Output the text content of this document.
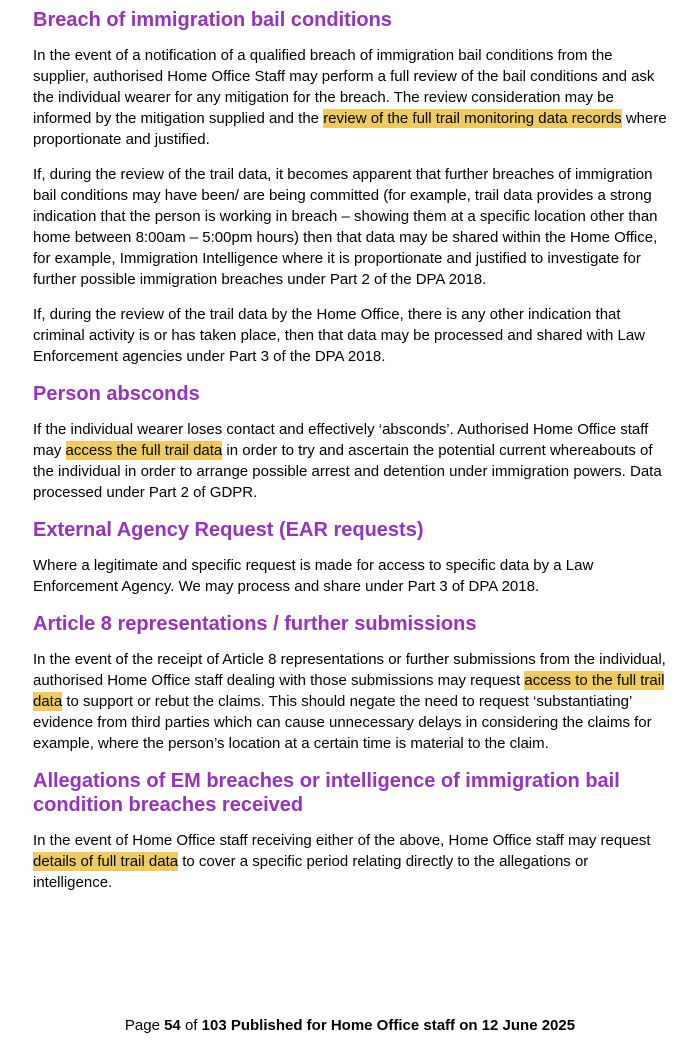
Breach of immigration bail conditions

In the event of a notification of a qualified breach of immigration bail conditions from the supplier, authorised Home Office Staff may perform a full review of the bail conditions and ask the individual wearer for any mitigation for the breach. The review consideration may be informed by the mitigation supplied and the review of the full trail monitoring data records where proportionate and justified.

If, during the review of the trail data, it becomes apparent that further breaches of immigration bail conditions may have been/ are being committed (for example, trail data provides a strong indication that the person is working in breach – showing them at a specific location other than home between 8:00am – 5:00pm hours) then that data may be shared within the Home Office, for example, Immigration Intelligence where it is proportionate and justified to investigate for further possible immigration breaches under Part 2 of the DPA 2018.

If, during the review of the trail data by the Home Office, there is any other indication that criminal activity is or has taken place, then that data may be processed and shared with Law Enforcement agencies under Part 3 of the DPA 2018.

Person absconds

If the individual wearer loses contact and effectively ‘absconds’. Authorised Home Office staff may access the full trail data in order to try and ascertain the potential current whereabouts of the individual in order to arrange possible arrest and detention under immigration powers. Data processed under Part 2 of GDPR.

External Agency Request (EAR requests)

Where a legitimate and specific request is made for access to specific data by a Law Enforcement Agency. We may process and share under Part 3 of DPA 2018.

Article 8 representations / further submissions

In the event of the receipt of Article 8 representations or further submissions from the individual, authorised Home Office staff dealing with those submissions may request access to the full trail data to support or rebut the claims. This should negate the need to request ‘substantiating’ evidence from third parties which can cause unnecessary delays in considering the claims for example, where the person’s location at a certain time is material to the claim.

Allegations of EM breaches or intelligence of immigration bail condition breaches received

In the event of Home Office staff receiving either of the above, Home Office staff may request details of full trail data to cover a specific period relating directly to the allegations or intelligence.

Page 54 of 103 Published for Home Office staff on 12 June 2025
